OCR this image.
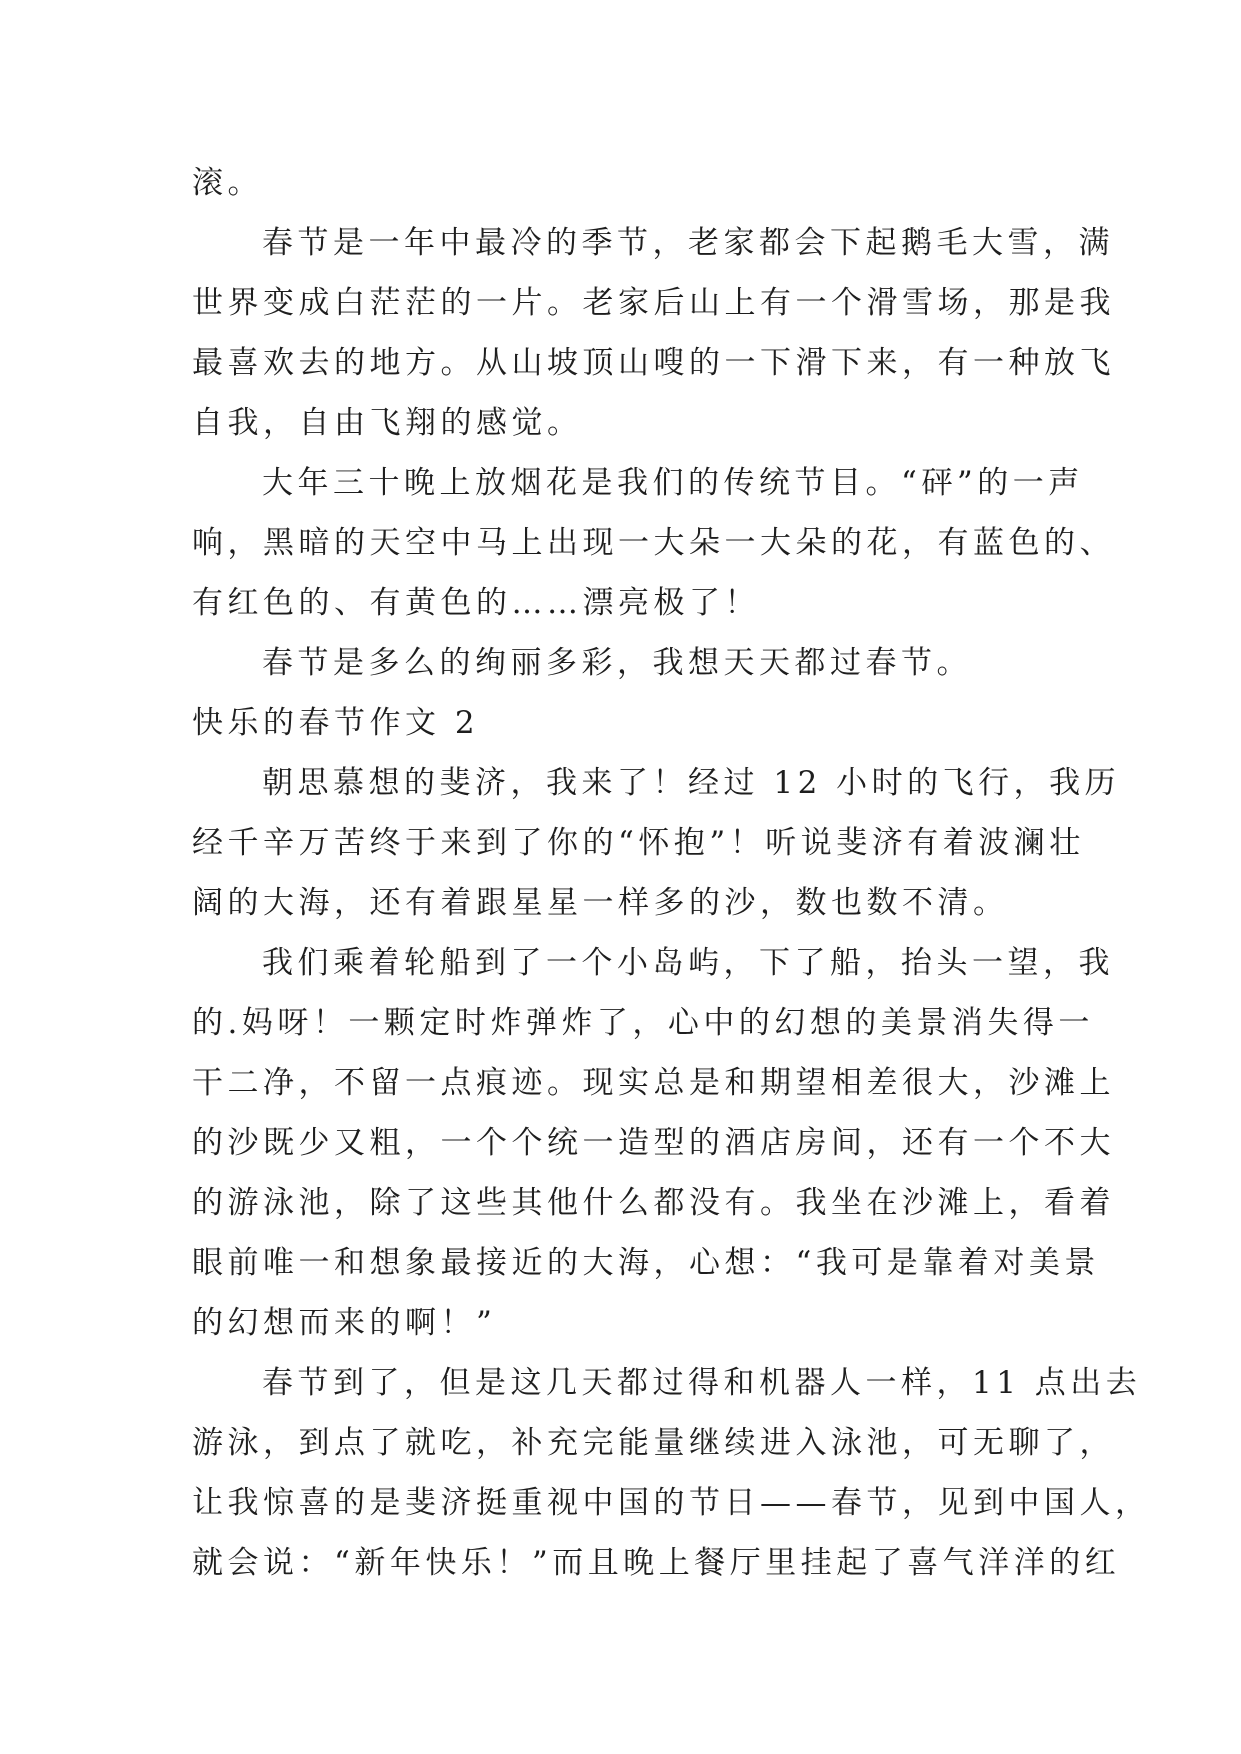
滚。
春节是一年中最冷的季节，老家都会下起鹅毛大雪，满
世界变成白茫茫的一片。老家后山上有一个滑雪场，那是我
最喜欢去的地方。从山坡顶山嗖的一下滑下来，有一种放飞
自我，自由飞翔的感觉。
大年三十晚上放烟花是我们的传统节目。“砰”的一声
响，黑暗的天空中马上出现一大朵一大朵的花，有蓝色的、
有红色的、有黄色的……漂亮极了！
春节是多么的绚丽多彩，我想天天都过春节。
快乐的春节作文 2
朝思慕想的斐济，我来了！经过 12 小时的飞行，我历
经千辛万苦终于来到了你的“怀抱”！听说斐济有着波澜壮
阔的大海，还有着跟星星一样多的沙，数也数不清。
我们乘着轮船到了一个小岛屿，下了船，抬头一望，我
的.妈呀！一颗定时炸弹炸了，心中的幻想的美景消失得一
干二净，不留一点痕迹。现实总是和期望相差很大，沙滩上
的沙既少又粗，一个个统一造型的酒店房间，还有一个不大
的游泳池，除了这些其他什么都没有。我坐在沙滩上，看着
眼前唯一和想象最接近的大海，心想：“我可是靠着对美景
的幻想而来的啊！”
春节到了，但是这几天都过得和机器人一样，11 点出去
游泳，到点了就吃，补充完能量继续进入泳池，可无聊了，
让我惊喜的是斐济挺重视中国的节日——春节，见到中国人，
就会说：“新年快乐！”而且晚上餐厅里挂起了喜气洋洋的红
